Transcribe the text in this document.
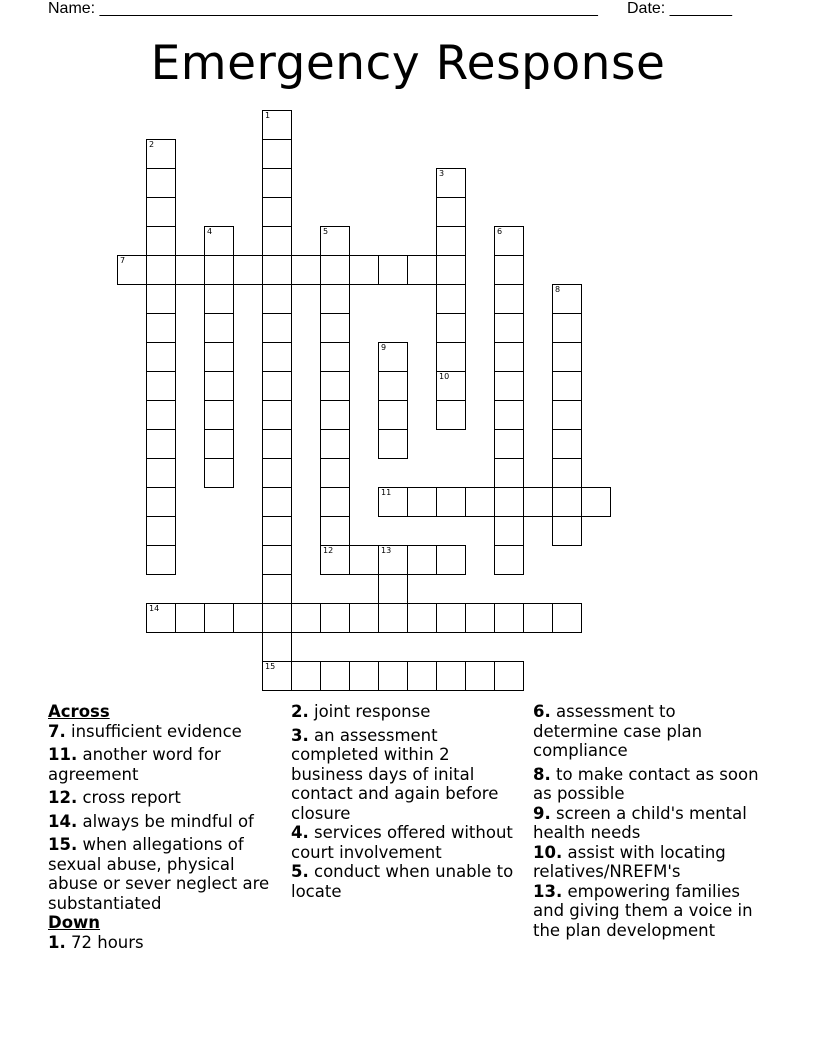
Name: ________________________________________________________ Date: _______
Emergency Response
7
11
12	13
14
15
1
2
3
4	5	6
8
9
10
Across
7. insufficient evidence
11. another word for agreement
12. cross report
14. always be mindful of
15. when allegations of sexual abuse, physical abuse or sever neglect are substantiated
Down
1. 72 hours
2. joint response
3. an assessment completed within 2 business days of inital contact and again before closure
4. services offered without court involvement
5. conduct when unable to locate
6. assessment to determine case plan compliance
8. to make contact as soon as possible
9. screen a child's mental health needs
10. assist with locating relatives/NREFM's
13. empowering families and giving them a voice in the plan development
